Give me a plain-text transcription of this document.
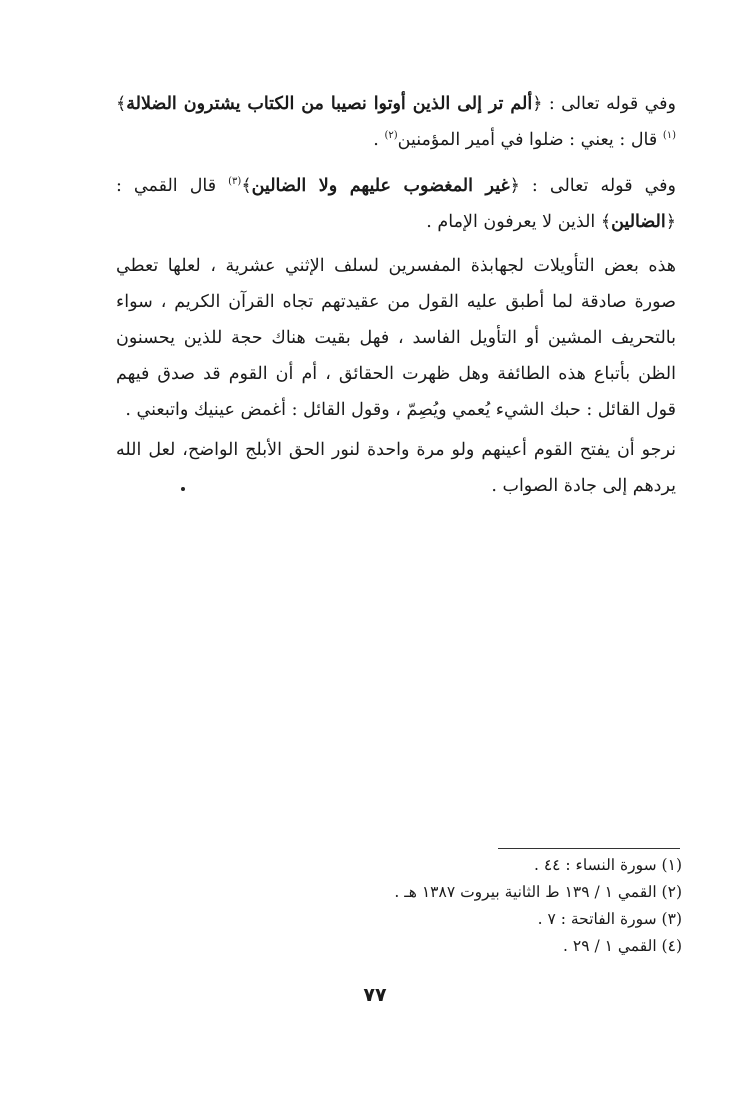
وفي قوله تعالى : ﴿ألم تر إلى الذين أوتوا نصيبا من الكتاب يشترون الضلالة﴾$^{(١)}$ قال : يعني : ضلوا في أمير المؤمنين$^{(٢)}$ .

وفي قوله تعالى : ﴿غير المغضوب عليهم ولا الضالين﴾$^{(٣)}$ قال القمي : ﴿الضالين﴾ الذين لا يعرفون الإمام .

هذه بعض التأويلات لجهابذة المفسرين لسلف الإثني عشرية ، لعلها تعطي صورة صادقة لما أطبق عليه القول من عقيدتهم تجاه القرآن الكريم ، سواء بالتحريف المشين أو التأويل الفاسد ، فهل بقيت هناك حجة للذين يحسنون الظن بأتباع هذه الطائفة وهل ظهرت الحقائق ، أم أن القوم قد صدق فيهم قول القائل : حبك الشيء يُعمي ويُصِمّ ، وقول القائل : أغمض عينيك واتبعني .

نرجو أن يفتح القوم أعينهم ولو مرة واحدة لنور الحق الأبلج الواضح، لعل الله يردهم إلى جادة الصواب .

(١) سورة النساء : ٤٤ .

(٢) القمي ١ / ١٣٩ ط الثانية بيروت ١٣٨٧ هـ .

(٣) سورة الفاتحة : ٧ .

(٤) القمي ١ / ٢٩ .

٧٧
